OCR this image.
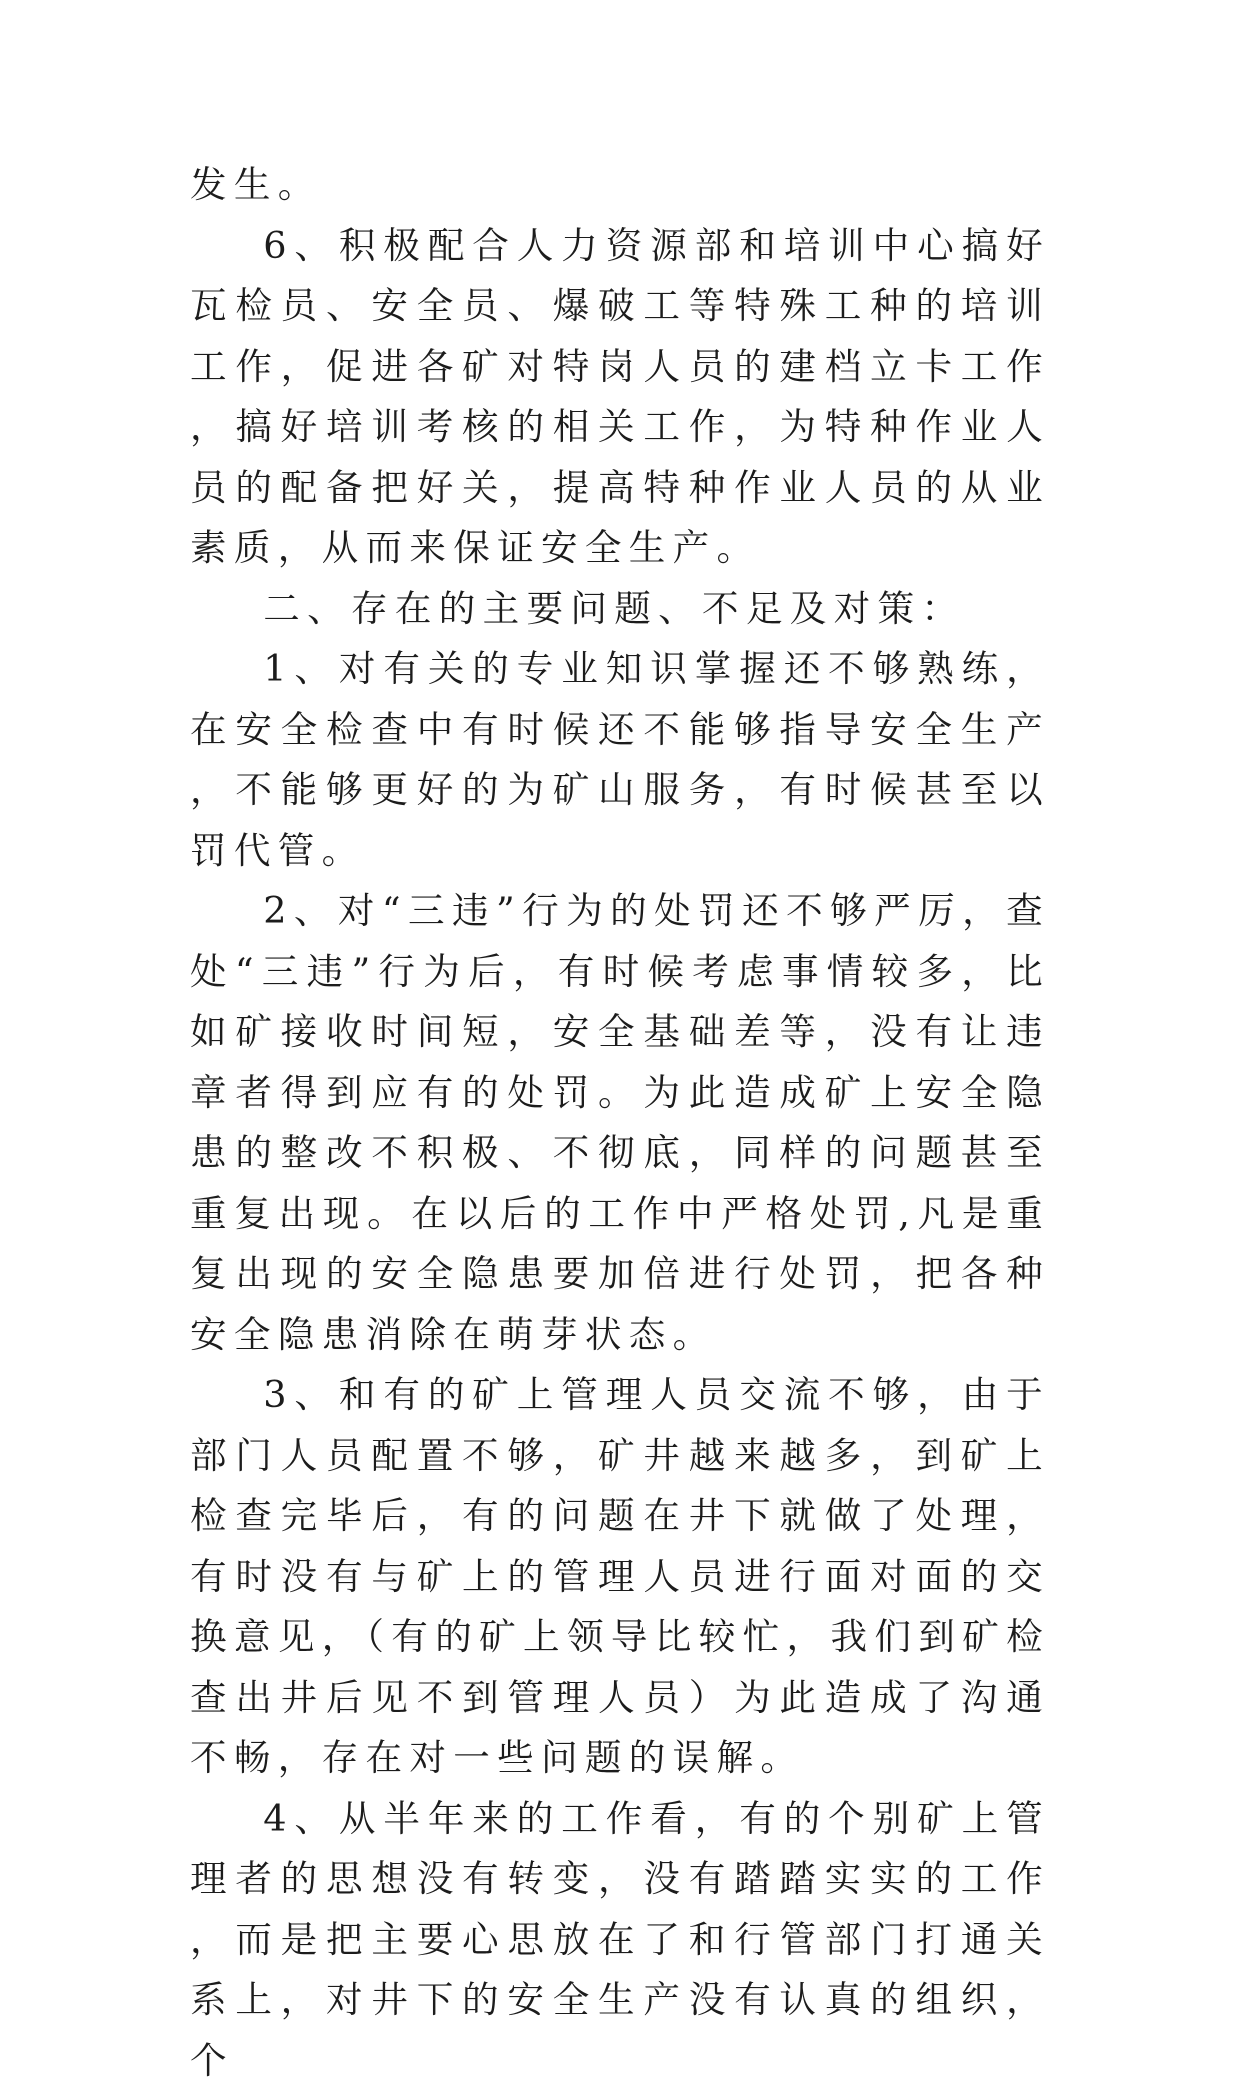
发生。

6、积极配合人力资源部和培训中心搞好瓦检员、安全员、爆破工等特殊工种的培训工作，促进各矿对特岗人员的建档立卡工作，搞好培训考核的相关工作，为特种作业人员的配备把好关，提高特种作业人员的从业素质，从而来保证安全生产。

二、存在的主要问题、不足及对策：

1、对有关的专业知识掌握还不够熟练，在安全检查中有时候还不能够指导安全生产，不能够更好的为矿山服务，有时候甚至以罚代管。

2、对“三违”行为的处罚还不够严厉，查处“三违”行为后，有时候考虑事情较多，比如矿接收时间短，安全基础差等，没有让违章者得到应有的处罚。为此造成矿上安全隐患的整改不积极、不彻底，同样的问题甚至重复出现。在以后的工作中严格处罚,凡是重复出现的安全隐患要加倍进行处罚，把各种安全隐患消除在萌芽状态。

3、和有的矿上管理人员交流不够，由于部门人员配置不够，矿井越来越多，到矿上检查完毕后，有的问题在井下就做了处理，有时没有与矿上的管理人员进行面对面的交换意见，（有的矿上领导比较忙，我们到矿检查出井后见不到管理人员）为此造成了沟通不畅，存在对一些问题的误解。

4、从半年来的工作看，有的个别矿上管理者的思想没有转变，没有踏踏实实的工作，而是把主要心思放在了和行管部门打通关系上，对井下的安全生产没有认真的组织，个
